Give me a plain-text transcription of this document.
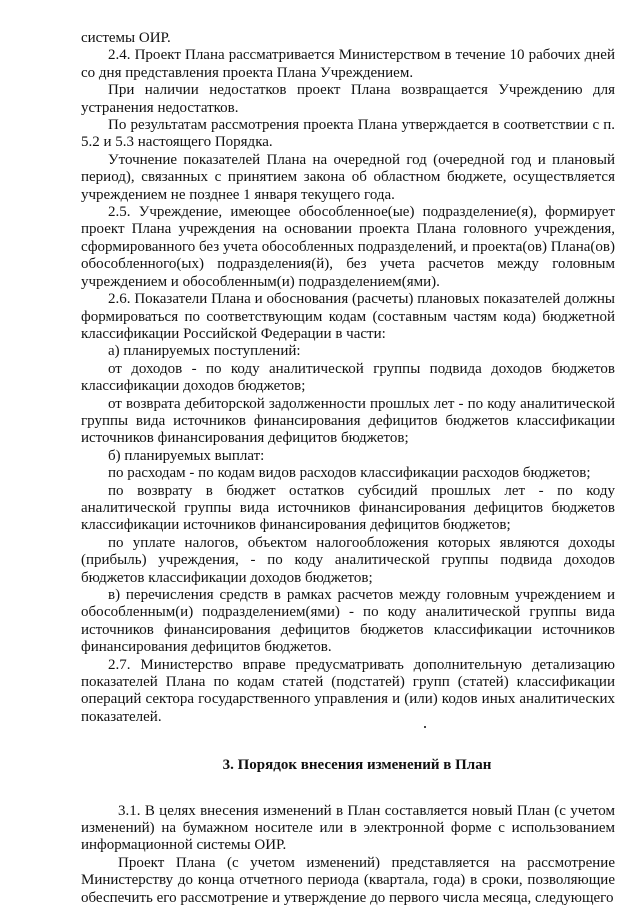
системы ОИР.

2.4. Проект Плана рассматривается Министерством в течение 10 рабочих дней со дня представления проекта Плана Учреждением.

При наличии недостатков проект Плана возвращается Учреждению для устранения недостатков.

По результатам рассмотрения проекта Плана утверждается в соответствии с п. 5.2 и 5.3 настоящего Порядка.

Уточнение показателей Плана на очередной год (очередной год и плановый период), связанных с принятием закона об областном бюджете, осуществляется учреждением не позднее 1 января текущего года.

2.5. Учреждение, имеющее обособленное(ые) подразделение(я), формирует проект Плана учреждения на основании проекта Плана головного учреждения, сформированного без учета обособленных подразделений, и проекта(ов) Плана(ов) обособленного(ых) подразделения(й), без учета расчетов между головным учреждением и обособленным(и) подразделением(ями).

2.6. Показатели Плана и обоснования (расчеты) плановых показателей должны формироваться по соответствующим кодам (составным частям кода) бюджетной классификации Российской Федерации в части:

а) планируемых поступлений:

от доходов - по коду аналитической группы подвида доходов бюджетов классификации доходов бюджетов;

от возврата дебиторской задолженности прошлых лет - по коду аналитической группы вида источников финансирования дефицитов бюджетов классификации источников финансирования дефицитов бюджетов;

б) планируемых выплат:

по расходам - по кодам видов расходов классификации расходов бюджетов;

по возврату в бюджет остатков субсидий прошлых лет - по коду аналитической группы вида источников финансирования дефицитов бюджетов классификации источников финансирования дефицитов бюджетов;

по уплате налогов, объектом налогообложения которых являются доходы (прибыль) учреждения, - по коду аналитической группы подвида доходов бюджетов классификации доходов бюджетов;

в) перечисления средств в рамках расчетов между головным учреждением и обособленным(и) подразделением(ями) - по коду аналитической группы вида источников финансирования дефицитов бюджетов классификации источников финансирования дефицитов бюджетов.

2.7. Министерство вправе предусматривать дополнительную детализацию показателей Плана по кодам статей (подстатей) групп (статей) классификации операций сектора государственного управления и (или) кодов иных аналитических показателей.

3. Порядок внесения изменений в План

3.1. В целях внесения изменений в План составляется новый План (с учетом изменений) на бумажном носителе или в электронной форме с использованием информационной системы ОИР.

Проект Плана (с учетом изменений) представляется на рассмотрение Министерству до конца отчетного периода (квартала, года) в сроки, позволяющие обеспечить его рассмотрение и утверждение до первого числа месяца, следующего
